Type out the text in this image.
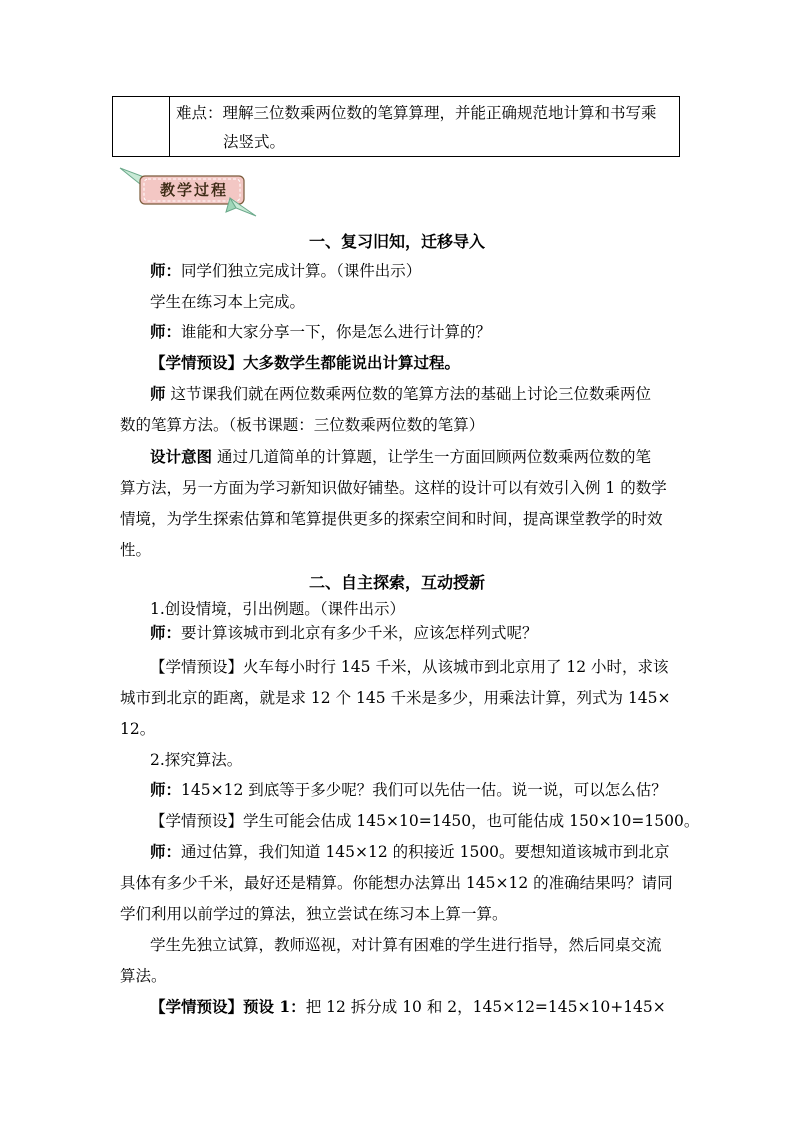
难点：理解三位数乘两位数的笔算算理，并能正确规范地计算和书写乘
法竖式。
教学过程
一、复习旧知，迁移导入
师：同学们独立完成计算。（课件出示）
学生在练习本上完成。
师：谁能和大家分享一下，你是怎么进行计算的？
【学情预设】大多数学生都能说出计算过程。
师 这节课我们就在两位数乘两位数的笔算方法的基础上讨论三位数乘两位
数的笔算方法。（板书课题：三位数乘两位数的笔算）
设计意图 通过几道简单的计算题，让学生一方面回顾两位数乘两位数的笔
算方法，另一方面为学习新知识做好铺垫。这样的设计可以有效引入例 1 的数学
情境，为学生探索估算和笔算提供更多的探索空间和时间，提高课堂教学的时效
性。
二、自主探索，互动授新
1.创设情境，引出例题。（课件出示）
师：要计算该城市到北京有多少千米，应该怎样列式呢？
【学情预设】火车每小时行 145 千米，从该城市到北京用了 12 小时，求该
城市到北京的距离，就是求 12 个 145 千米是多少，用乘法计算，列式为 145×
12。
2.探究算法。
师：145×12 到底等于多少呢？我们可以先估一估。说一说，可以怎么估？
【学情预设】学生可能会估成 145×10=1450，也可能估成 150×10=1500。
师：通过估算，我们知道 145×12 的积接近 1500。要想知道该城市到北京
具体有多少千米，最好还是精算。你能想办法算出 145×12 的准确结果吗？请同
学们利用以前学过的算法，独立尝试在练习本上算一算。
学生先独立试算，教师巡视，对计算有困难的学生进行指导，然后同桌交流
算法。
【学情预设】预设 1：把 12 拆分成 10 和 2，145×12=145×10+145×
